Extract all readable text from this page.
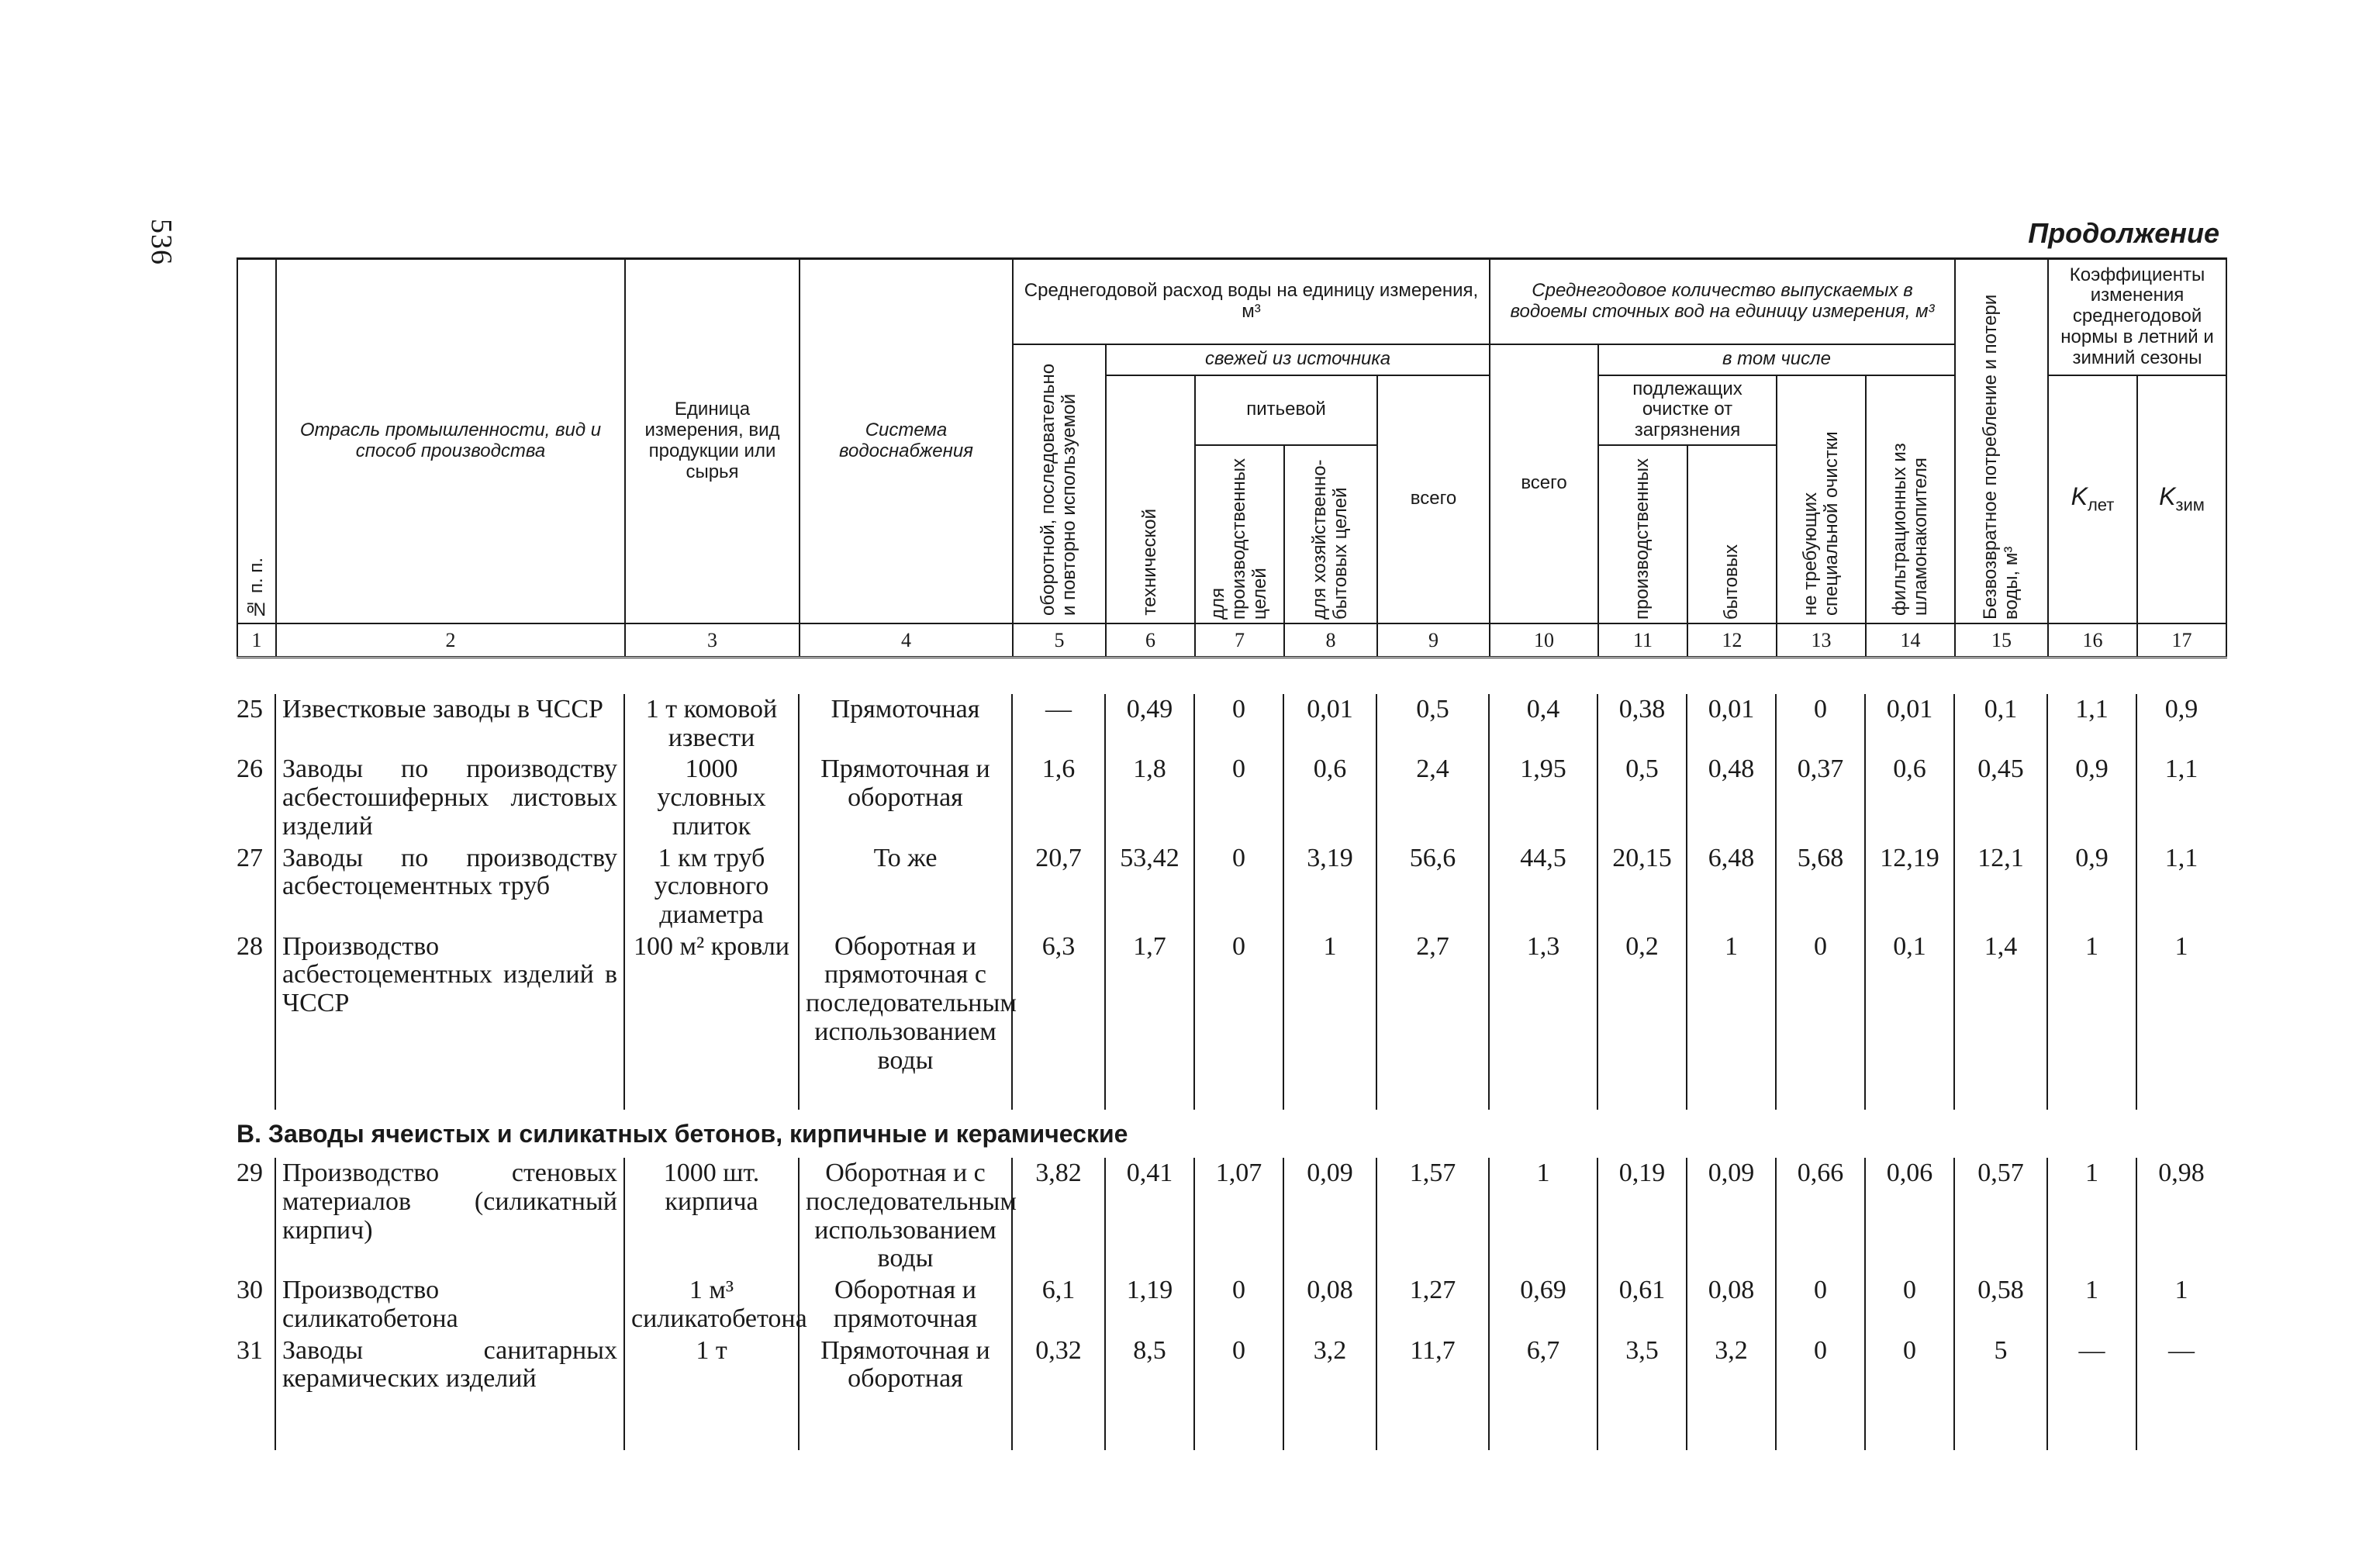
536	Продолжение
№ п. п.	Отрасль промышленности, вид и способ производства	Единица измерения, вид продукции или сырья	Система водоснабжения	Среднегодовой расход воды на единицу измерения, м³					Среднегодовое количество выпускаемых в водоемы сточных вод на единицу измерения, м³					Безвозвратное потребление и потери воды, м³	Коэффициенты изменения среднегодовой нормы в летний и зимний сезоны	

				оборотной, последовательно и повторно используемой	свежей из источника				всего	в том числе						

					технической	питьевой		всего		подлежащих очистке от загрязнения		не требующих специальной очистки	фильтрационных из шламонакопителя		$K_{лет}$	$K_{зим}$

						для производственных целей	для хозяйственно-бытовых целей			производственных	бытовых					

1	2	3	4	5	6	7	8	9	10	11	12	13	14	15	16	17
25	Известковые заводы в ЧССР	1 т комовой извести	Прямоточная	—	0,49	0	0,01	0,5	0,4	0,38	0,01	0	0,01	0,1	1,1	0,9
26	Заводы по производству асбестошиферных листовых изделий	1000 условных плиток	Прямоточная и оборотная	1,6	1,8	0	0,6	2,4	1,95	0,5	0,48	0,37	0,6	0,45	0,9	1,1
27	Заводы по производству асбестоцементных труб	1 км труб условного диаметра	То же	20,7	53,42	0	3,19	56,6	44,5	20,15	6,48	5,68	12,19	12,1	0,9	1,1
28	Производство асбестоцементных изделий в ЧССР	100 м² кровли	Оборотная и прямоточная с последовательным использованием воды	6,3	1,7	0	1	2,7	1,3	0,2	1	0	0,1	1,4	1	1
В. Заводы ячеистых и силикатных бетонов, кирпичные и керамические																
29	Производство стеновых материалов (силикатный кирпич)	1000 шт. кирпича	Оборотная и с последовательным использованием воды	3,82	0,41	1,07	0,09	1,57	1	0,19	0,09	0,66	0,06	0,57	1	0,98
30	Производство силикатобетона	1 м³ силикатобетона	Оборотная и прямоточная	6,1	1,19	0	0,08	1,27	0,69	0,61	0,08	0	0	0,58	1	1
31	Заводы санитарных керамических изделий	1 т	Прямоточная и оборотная	0,32	8,5	0	3,2	11,7	6,7	3,5	3,2	0	0	5	—	—
